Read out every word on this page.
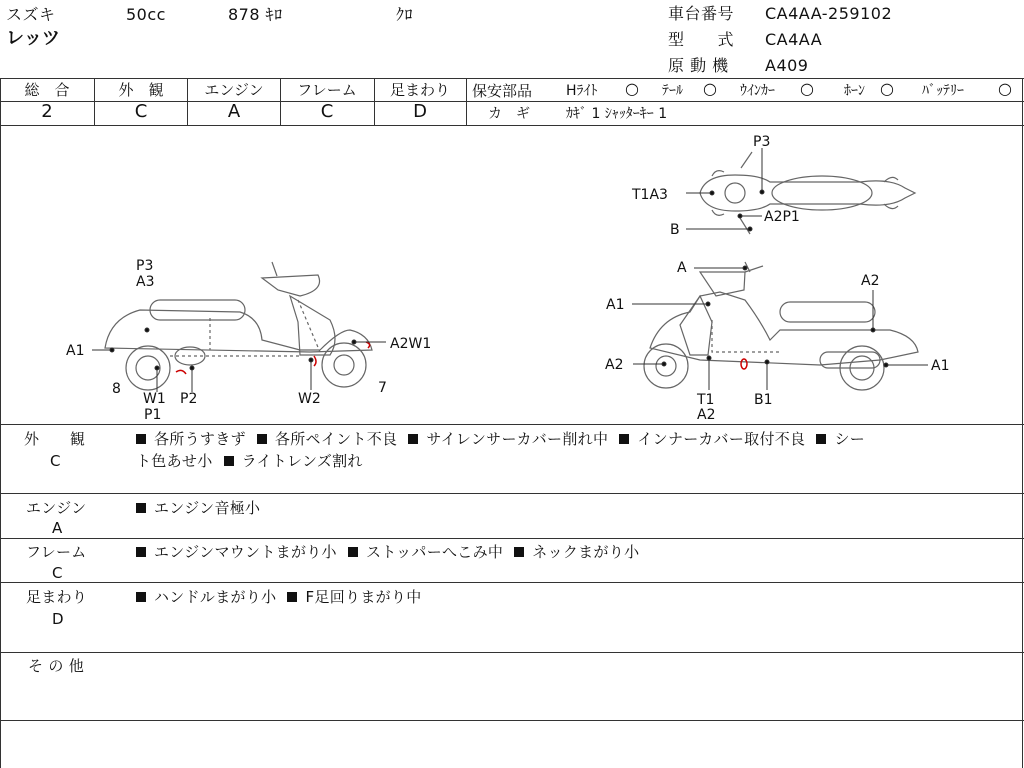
スズキ	50cc	878 ｷﾛ	ｸﾛ
レッツ
車台番号 CA4AA-259102
型　　式 CA4AA
原 動 機 A409
総　合
2
外　観
C
エンジン
A
フレーム
C
足まわり
D
保安部品 Hﾗｲﾄ ○ ﾃｰﾙ ○ ｳｲﾝｶｰ ○ ﾎｰﾝ ○ ﾊﾞｯﾃﾘｰ ○
カ　ギ	ｶｷﾞ 1 ｼｬｯﾀｰｷｰ 1
P3
T1A3
A2P1
B
P3
A3
A1
8
W1
P1
P2	W2
A2W1
7
A
A1
A2
A2	A1
T1
A2
B1
外　　観
C
各所うすきず 各所ペイント不良 サイレンサーカバー削れ中 インナーカバー取付不良 シー
ト色あせ小 ライトレンズ割れ
エンジン
A
エンジン音極小
フレーム
C
エンジンマウントまがり小 ストッパーへこみ中 ネックまがり小
足まわり
D
ハンドルまがり小 F足回りまがり中
そ の 他
